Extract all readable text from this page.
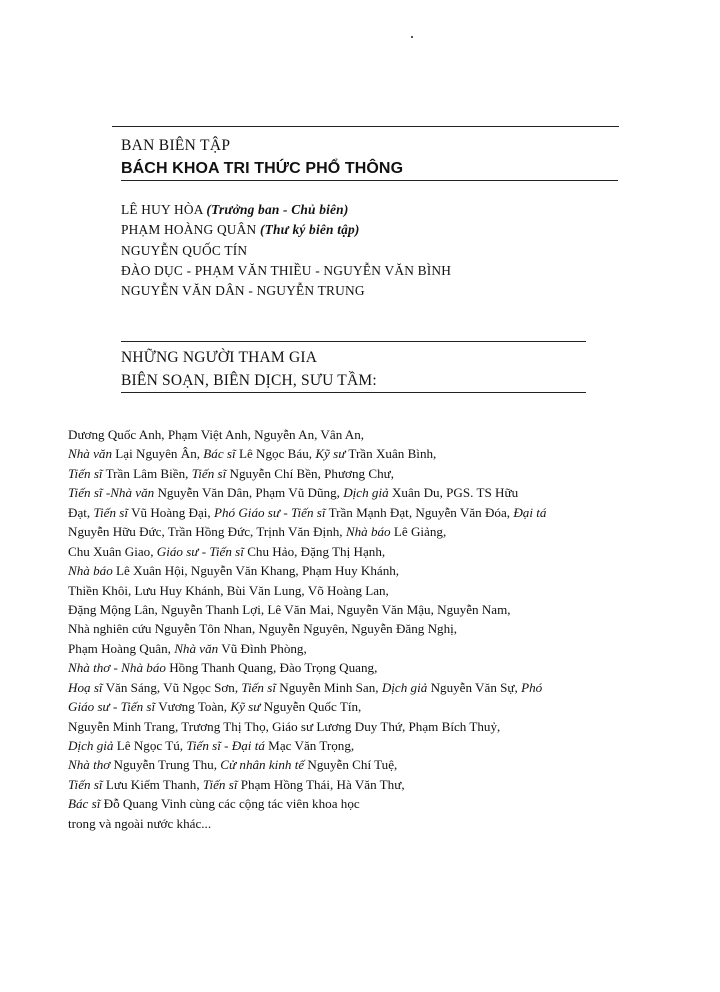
BAN BIÊN TẬP
BÁCH KHOA TRI THỨC PHỔ THÔNG
LÊ HUY HÒA (Trưởng ban - Chủ biên)
PHẠM HOÀNG QUÂN (Thư ký biên tập)
NGUYỄN QUỐC TÍN
ĐÀO DỤC - PHẠM VĂN THIỀU - NGUYỄN VĂN BÌNH
NGUYỄN VĂN DÂN - NGUYỄN TRUNG
NHỮNG NGƯỜI THAM GIA
BIÊN SOẠN, BIÊN DỊCH, SƯU TẦM:
Dương Quốc Anh, Phạm Việt Anh, Nguyễn An, Vân An,
Nhà văn Lại Nguyên Ân, Bác sĩ Lê Ngọc Báu, Kỹ sư Trần Xuân Bình,
Tiến sĩ Trần Lâm Biền, Tiến sĩ Nguyễn Chí Bền, Phương Chư,
Tiến sĩ -Nhà văn Nguyễn Văn Dân, Phạm Vũ Dũng, Dịch giả Xuân Du, PGS. TS Hữu
Đạt, Tiến sĩ Vũ Hoàng Đại, Phó Giáo sư - Tiến sĩ Trần Mạnh Đạt, Nguyễn Văn Đóa, Đại tá
Nguyễn Hữu Đức, Trần Hồng Đức, Trịnh Văn Định, Nhà báo Lê Giảng,
Chu Xuân Giao, Giáo sư - Tiến sĩ Chu Hảo, Đặng Thị Hạnh,
Nhà báo Lê Xuân Hội, Nguyễn Văn Khang, Phạm Huy Khánh,
Thiền Khôi, Lưu Huy Khánh, Bùi Văn Lung, Võ Hoàng Lan,
Đặng Mộng Lân, Nguyễn Thanh Lợi, Lê Văn Mai, Nguyễn Văn Mậu, Nguyễn Nam,
Nhà nghiên cứu Nguyễn Tôn Nhan, Nguyễn Nguyên, Nguyễn Đăng Nghị,
Phạm Hoàng Quân, Nhà văn Vũ Đình Phòng,
Nhà thơ - Nhà báo Hồng Thanh Quang, Đào Trọng Quang,
Hoạ sĩ Văn Sáng, Vũ Ngọc Sơn, Tiến sĩ Nguyễn Minh San, Dịch giả Nguyễn Văn Sự, Phó
Giáo sư - Tiến sĩ Vương Toàn, Kỹ sư Nguyễn Quốc Tín,
Nguyễn Minh Trang, Trương Thị Thọ, Giáo sư Lương Duy Thứ, Phạm Bích Thuỷ,
Dịch giả Lê Ngọc Tú, Tiến sĩ - Đại tá Mạc Văn Trọng,
Nhà thơ Nguyễn Trung Thu, Cử nhân kinh tế Nguyễn Chí Tuệ,
Tiến sĩ Lưu Kiếm Thanh, Tiến sĩ Phạm Hồng Thái, Hà Văn Thư,
Bác sĩ Đỗ Quang Vinh cùng các cộng tác viên khoa học
trong và ngoài nước khác...
